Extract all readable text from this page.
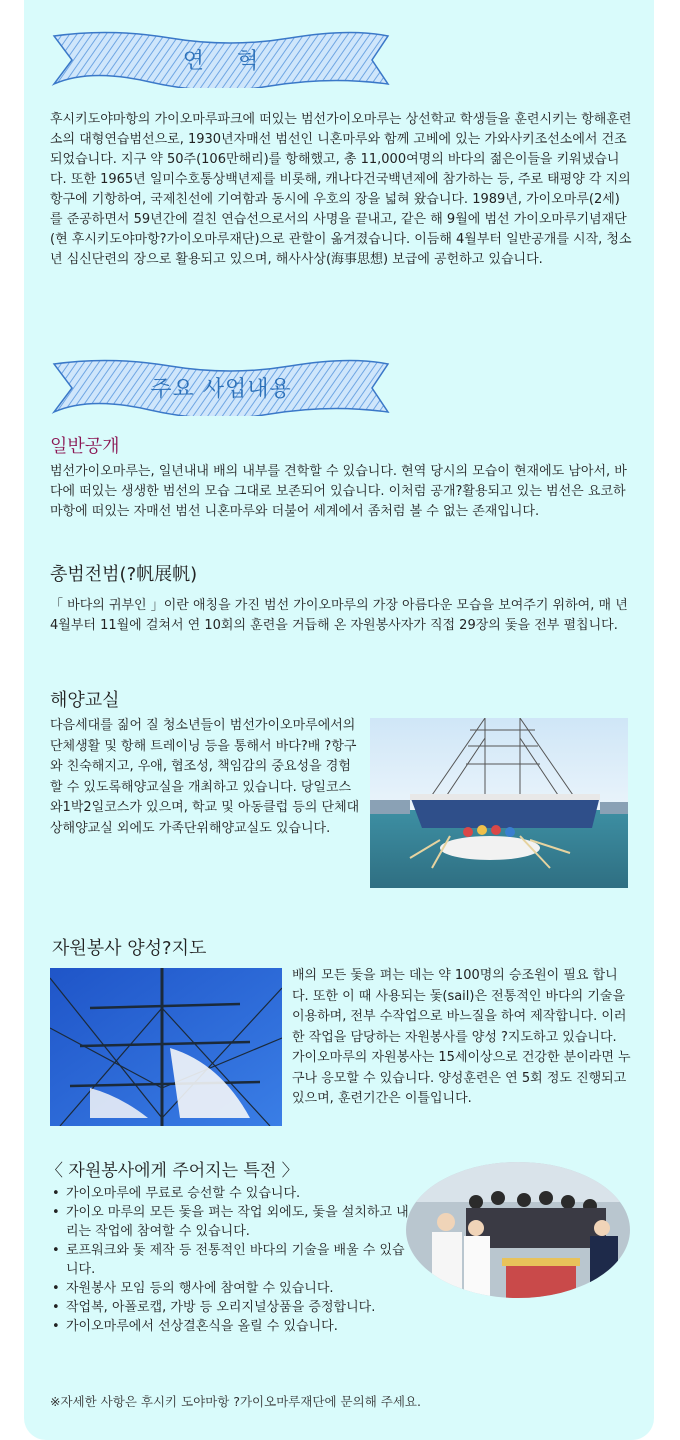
연    혁

후시키도야마항의 가이오마루파크에 떠있는 범선가이오마루는 상선학교 학생들을 훈련시키는 항해훈련소의 대형연습범선으로, 1930년자매선 범선인 니혼마루와 함께 고베에 있는 가와사키조선소에서 건조되었습니다. 지구 약 50주(106만해리)를 항해했고, 총 11,000여명의 바다의 젊은이들을 키워냈습니다. 또한 1965년 일미수호통상백년제를 비롯해, 캐나다건국백년제에 참가하는 등, 주로 태평양 각 지의 항구에 기항하여, 국제친선에 기여함과 동시에 우호의 장을 넓혀 왔습니다. 1989년, 가이오마루(2세) 를 준공하면서 59년간에 걸친 연습선으로서의 사명을 끝내고, 같은 해 9월에 범선 가이오마루기념재단(현 후시키도야마항?가이오마루재단)으로 관할이 옮겨졌습니다. 이듬해 4월부터 일반공개를 시작, 청소년 심신단련의 장으로 활용되고 있으며, 해사사상(海事思想) 보급에 공헌하고 있습니다.

주요 사업내용
일반공개

범선가이오마루는, 일년내내 배의 내부를 견학할 수 있습니다. 현역 당시의 모습이 현재에도 남아서, 바다에 떠있는 생생한 범선의 모습 그대로 보존되어 있습니다. 이처럼 공개?활용되고 있는 범선은 요코하마항에 떠있는 자매선 범선 니혼마루와 더불어 세계에서 좀처럼 볼 수 없는 존재입니다.

총범전범(?帆展帆)

「 바다의 귀부인 」이란 애칭을 가진 범선 가이오마루의 가장 아름다운 모습을 보여주기 위하여, 매 년 4월부터 11월에 걸쳐서 연 10회의 훈련을 거듭해 온 자원봉사자가 직접 29장의 돛을 전부 펼칩니다.

해양교실

다음세대를 짊어 질 청소년들이 범선가이오마루에서의 단체생활 및 항해 트레이닝 등을 통해서 바다?배 ?항구와 친숙해지고, 우애, 협조성, 책임감의 중요성을 경험할 수 있도록해양교실을 개최하고 있습니다. 당일코스와1박2일코스가 있으며, 학교 및 아동클럽 등의 단체대상해양교실 외에도 가족단위해양교실도 있습니다.

자원봉사 양성?지도

배의 모든 돛을 펴는 데는 약 100명의 승조원이 필요 합니다. 또한 이 때 사용되는 돛(sail)은 전통적인 바다의 기술을 이용하며, 전부 수작업으로 바느질을 하여 제작합니다. 이러한 작업을 담당하는 자원봉사를 양성 ?지도하고 있습니다. 가이오마루의 자원봉사는 15세이상으로 건강한 분이라면 누구나 응모할 수 있습니다. 양성훈련은 연 5회 정도 진행되고 있으며, 훈련기간은 이틀입니다.

〈 자원봉사에게 주어지는 특전 〉
• 가이오마루에 무료로 승선할 수 있습니다.
• 가이오 마루의 모든 돛을 펴는 작업 외에도, 돛을 설치하고 내리는 작업에 참여할 수 있습니다.
• 로프워크와 돛 제작 등 전통적인 바다의 기술을 배울 수 있습니다.
• 자원봉사 모임 등의 행사에 참여할 수 있습니다.
• 작업복, 아폴로캡, 가방 등 오리지널상품을 증정합니다.
• 가이오마루에서 선상결혼식을 올릴 수 있습니다.
※자세한 사항은 후시키 도야마항 ?가이오마루재단에 문의해 주세요.
